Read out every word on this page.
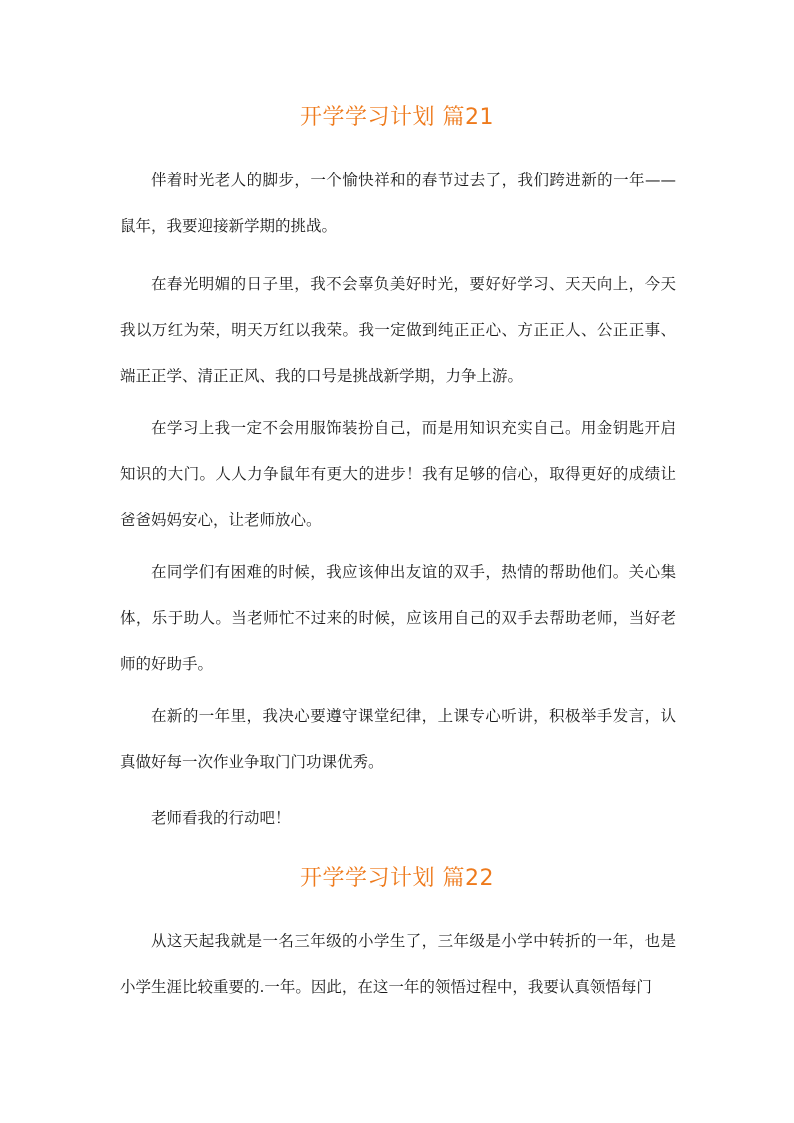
开学学习计划 篇21

伴着时光老人的脚步，一个愉快祥和的春节过去了，我们跨进新的一年——鼠年，我要迎接新学期的挑战。

在春光明媚的日子里，我不会辜负美好时光，要好好学习、天天向上，今天我以万红为荣，明天万红以我荣。我一定做到纯正正心、方正正人、公正正事、端正正学、清正正风、我的口号是挑战新学期，力争上游。

在学习上我一定不会用服饰装扮自己，而是用知识充实自己。用金钥匙开启知识的大门。人人力争鼠年有更大的进步！我有足够的信心，取得更好的成绩让爸爸妈妈安心，让老师放心。

在同学们有困难的时候，我应该伸出友谊的双手，热情的帮助他们。关心集体，乐于助人。当老师忙不过来的时候，应该用自己的双手去帮助老师，当好老师的好助手。

在新的一年里，我决心要遵守课堂纪律，上课专心听讲，积极举手发言，认真做好每一次作业争取门门功课优秀。

老师看我的行动吧！

开学学习计划 篇22

从这天起我就是一名三年级的小学生了，三年级是小学中转折的一年，也是小学生涯比较重要的.一年。因此，在这一年的领悟过程中，我要认真领悟每门
